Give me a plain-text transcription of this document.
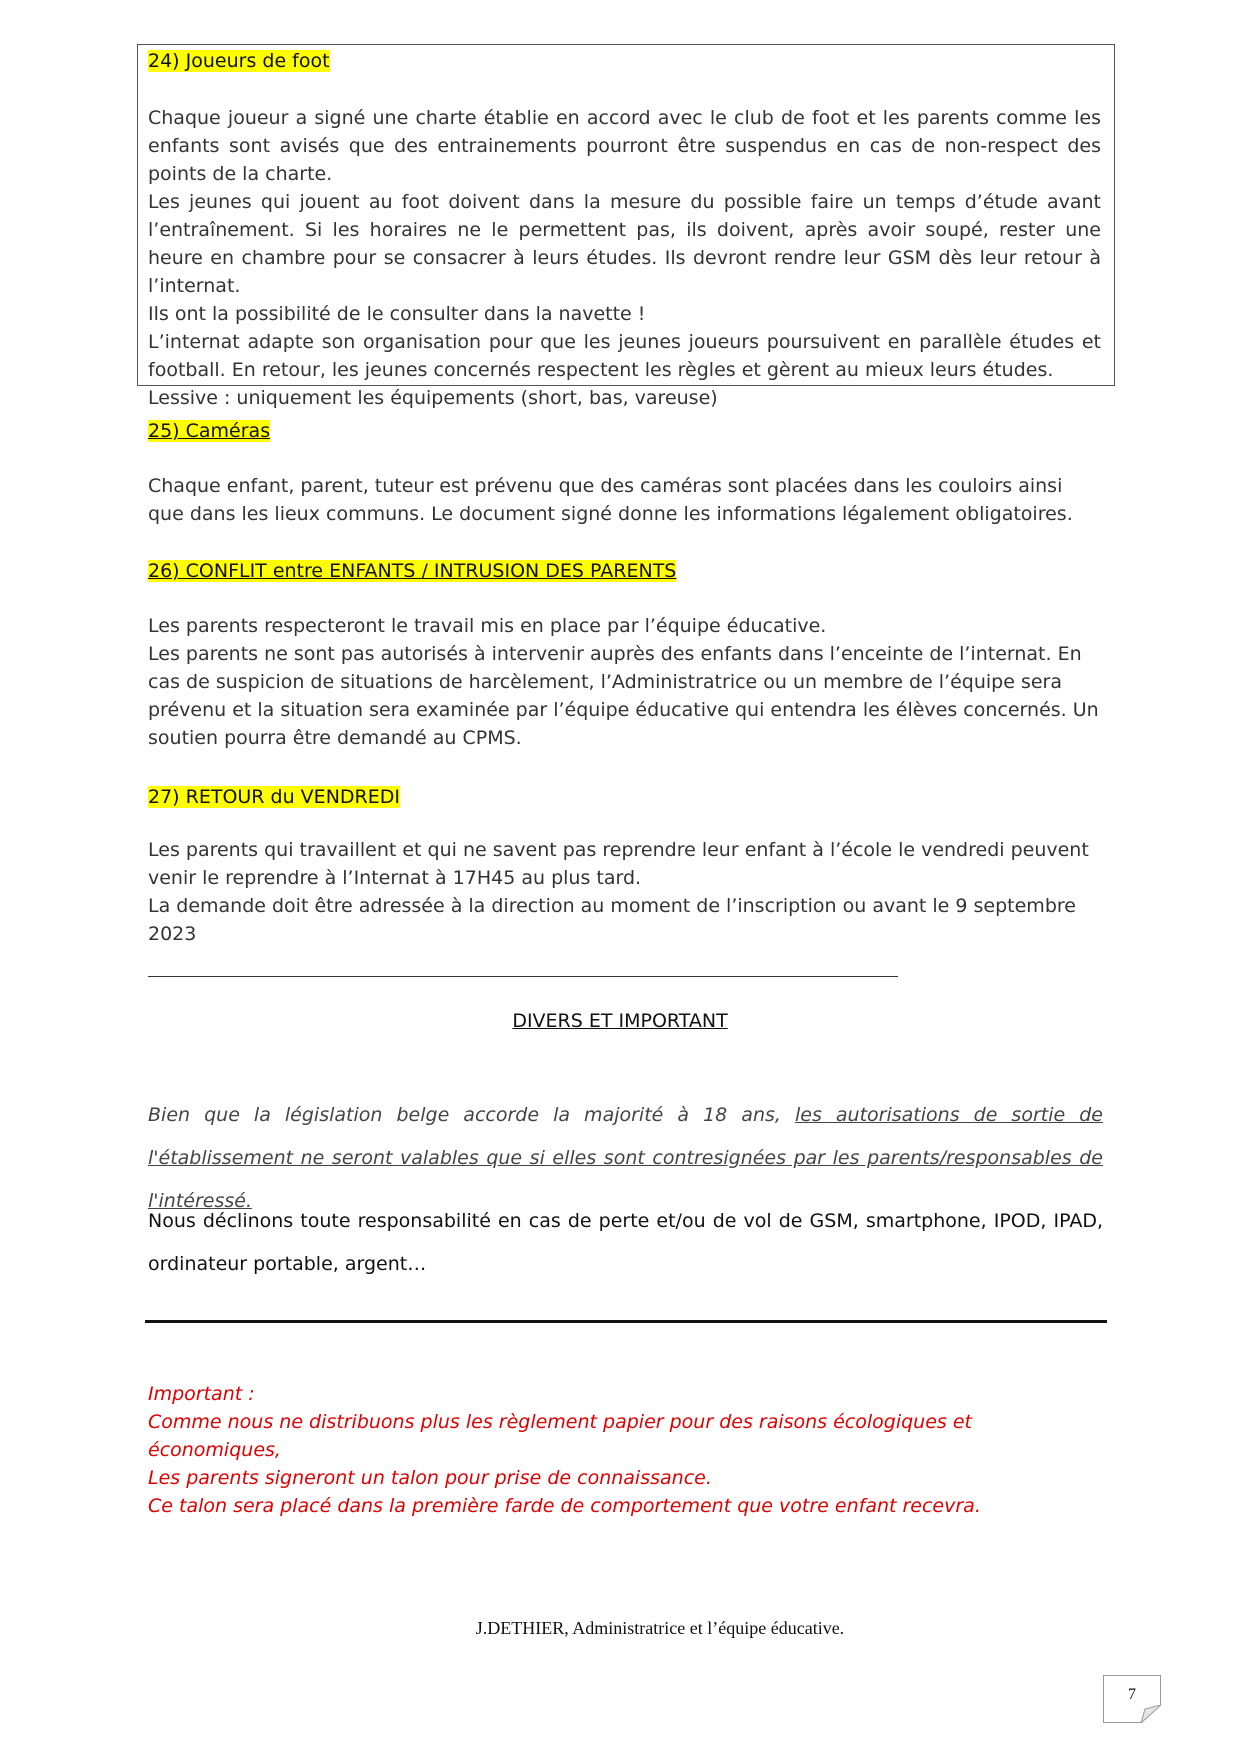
24) Joueurs de foot

Chaque joueur a signé une charte établie en accord avec le club de foot et les parents comme les enfants sont avisés que des entrainements pourront être suspendus en cas de non-respect des points de la charte.

Les jeunes qui jouent au foot doivent dans la mesure du possible faire un temps d’étude avant l’entraînement. Si les horaires ne le permettent pas, ils doivent, après avoir soupé, rester une heure en chambre pour se consacrer à leurs études. Ils devront rendre leur GSM dès leur retour à l’internat.

Ils ont la possibilité de le consulter dans la navette !

L’internat adapte son organisation pour que les jeunes joueurs poursuivent en parallèle études et football. En retour, les jeunes concernés respectent les règles et gèrent au mieux leurs études.

Lessive : uniquement les équipements (short, bas, vareuse)

25) Caméras

Chaque enfant, parent, tuteur est prévenu que des caméras sont placées dans les couloirs ainsi que dans les lieux communs. Le document signé donne les informations légalement obligatoires.

26) CONFLIT entre ENFANTS / INTRUSION DES PARENTS

Les parents respecteront le travail mis en place par l’équipe éducative.

Les parents ne sont pas autorisés à intervenir auprès des enfants dans l’enceinte de l’internat. En cas de suspicion de situations de harcèlement, l’Administratrice ou un membre de l’équipe sera prévenu et la situation sera examinée par l’équipe éducative qui entendra les élèves concernés. Un soutien pourra être demandé au CPMS.

27) RETOUR du VENDREDI

Les parents qui travaillent et qui ne savent pas reprendre leur enfant à l’école le vendredi peuvent venir le reprendre à l’Internat à 17H45 au plus tard.

La demande doit être adressée à la direction au moment de l’inscription ou avant le 9 septembre 2023

DIVERS ET IMPORTANT
Bien que la législation belge accorde la majorité à 18 ans, les autorisations de sortie de l'établissement ne seront valables que si elles sont contresignées par les parents/responsables de l'intéressé.
Nous déclinons toute responsabilité en cas de perte et/ou de vol de GSM, smartphone, IPOD, IPAD, ordinateur portable, argent…

Important :

Comme nous ne distribuons plus les règlement papier pour des raisons écologiques et économiques,

Les parents signeront un talon pour prise de connaissance.

Ce talon sera placé dans la première farde de comportement que votre enfant recevra.

J.DETHIER, Administratrice et l’équipe éducative.
7
